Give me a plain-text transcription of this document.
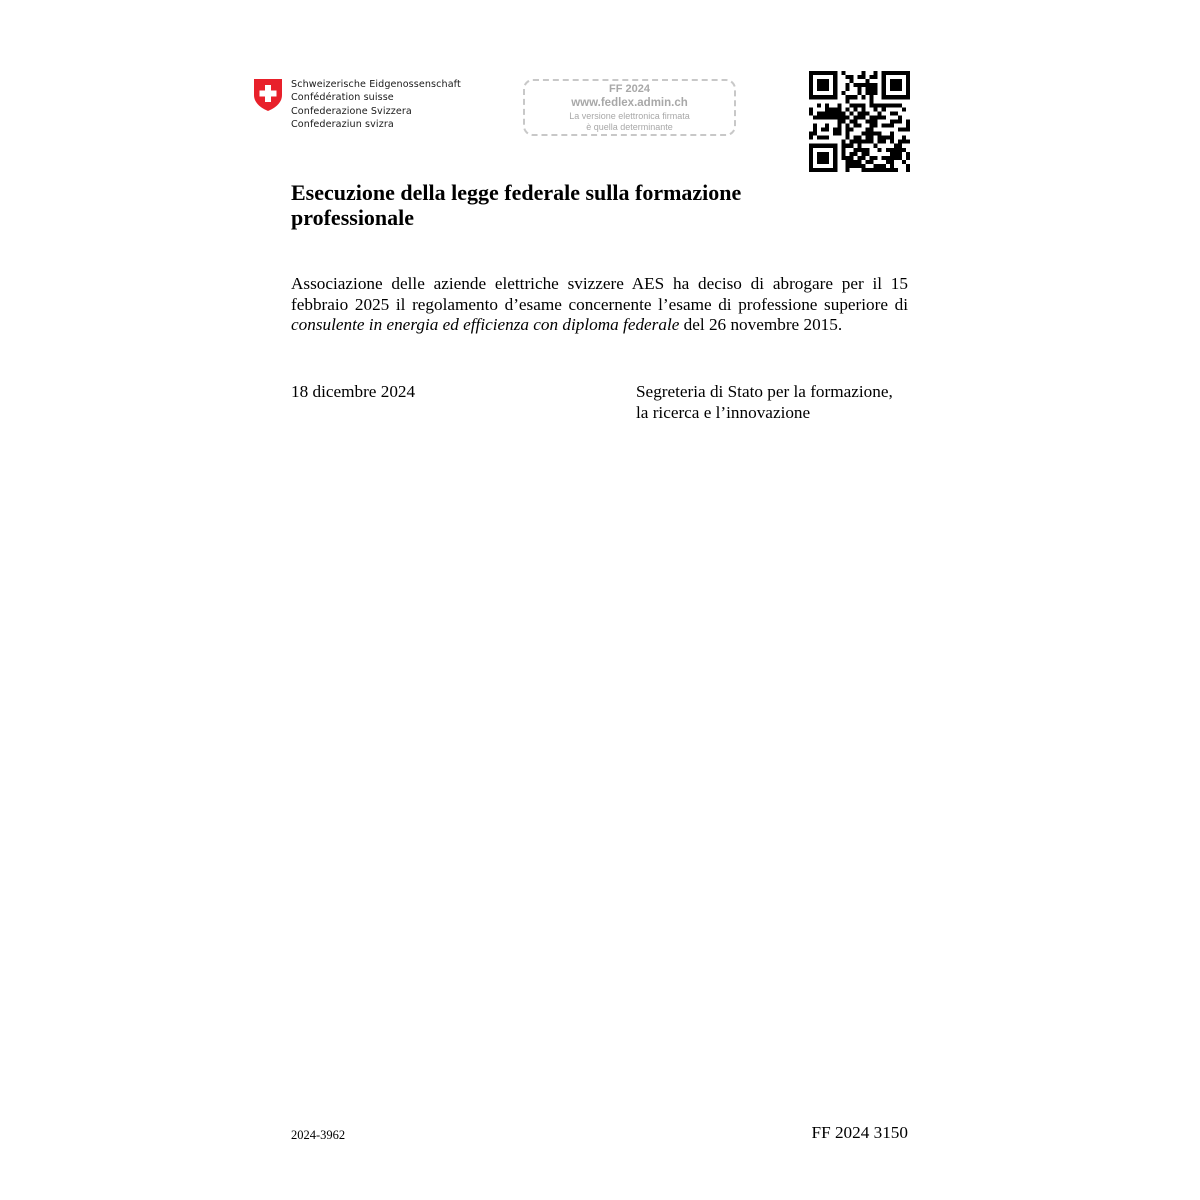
Schweizerische Eidgenossenschaft
Confédération suisse
Confederazione Svizzera
Confederaziun svizra
FF 2024
www.fedlex.admin.ch
La versione elettronica firmata
è quella determinante
Esecuzione della legge federale sulla formazione professionale

Associazione delle aziende elettriche svizzere AES ha deciso di abrogare per il 15 febbraio 2025 il regolamento d’esame concernente l’esame di professione superiore di consulente in energia ed efficienza con diploma federale del 26 novembre 2015.

18 dicembre 2024	Segreteria di Stato per la formazione,
la ricerca e l’innovazione
2024-3962	FF 2024 3150
